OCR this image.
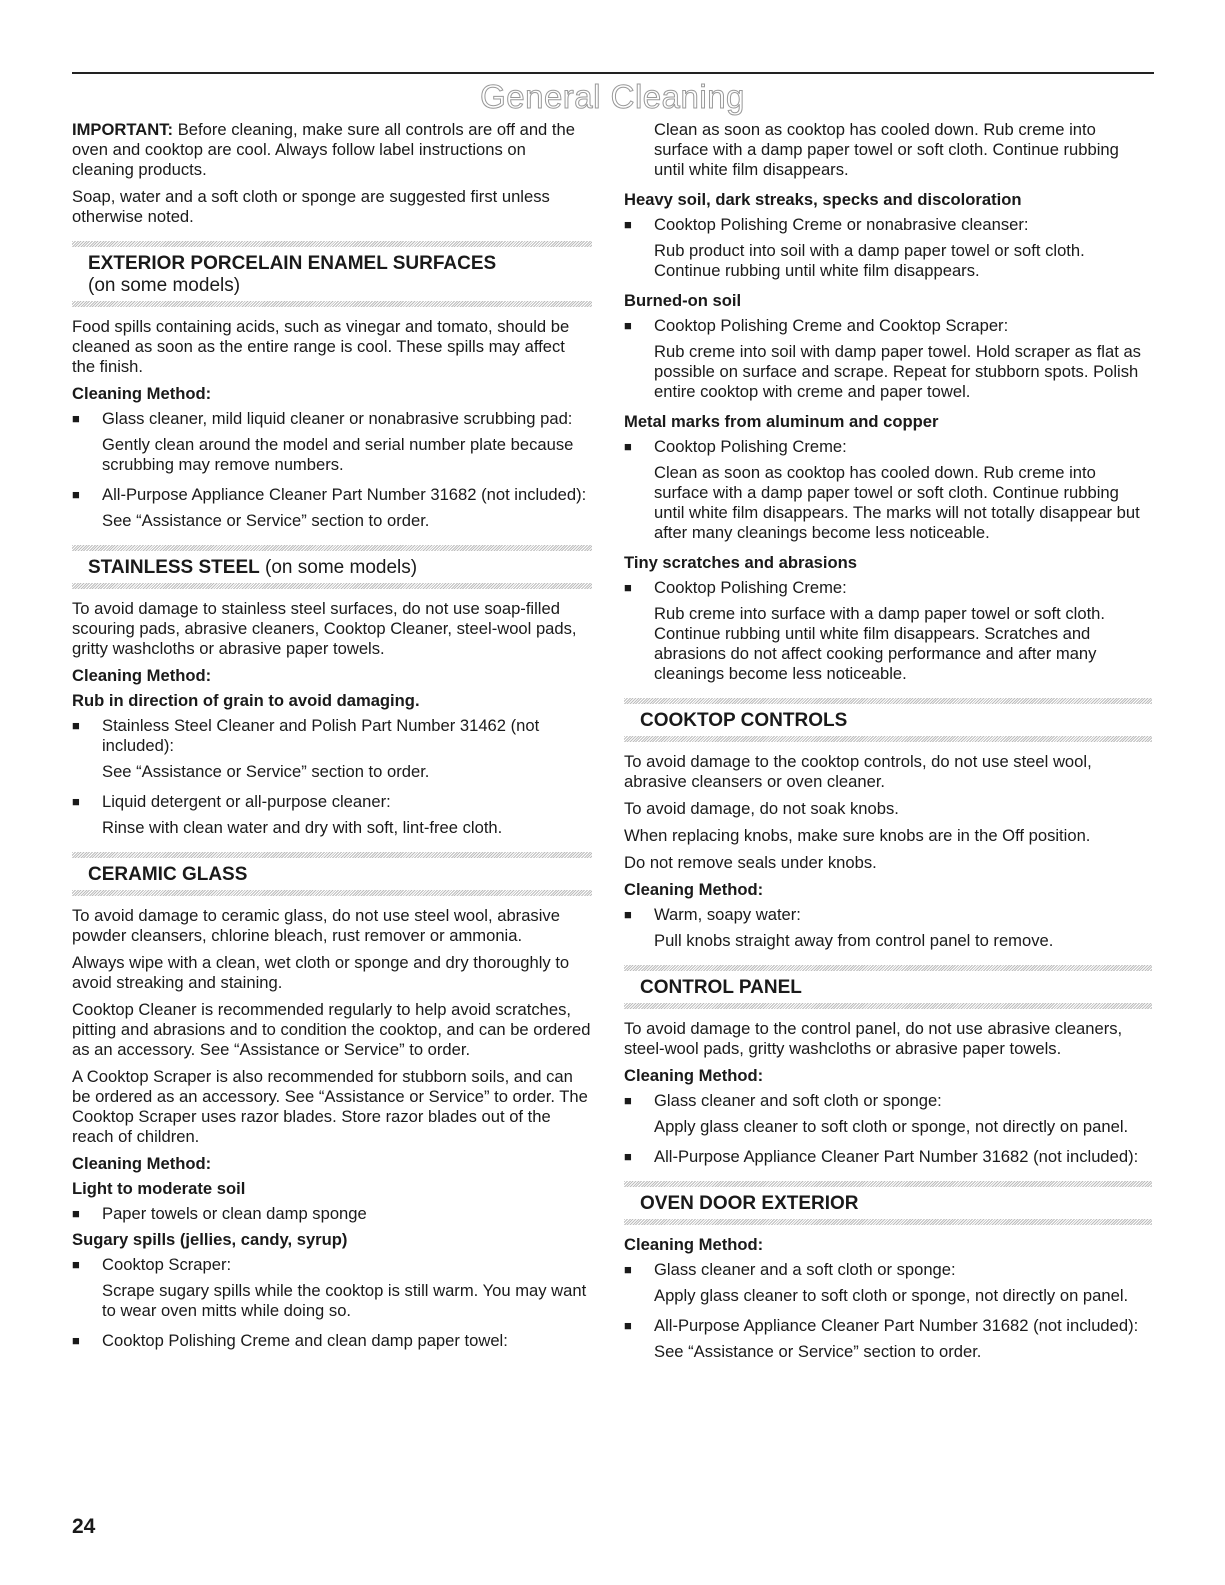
General Cleaning

IMPORTANT: Before cleaning, make sure all controls are off and the oven and cooktop are cool. Always follow label instructions on cleaning products.

Soap, water and a soft cloth or sponge are suggested first unless otherwise noted.

EXTERIOR PORCELAIN ENAMEL SURFACES
(on some models)

Food spills containing acids, such as vinegar and tomato, should be cleaned as soon as the entire range is cool. These spills may affect the finish.

Cleaning Method:
■ Glass cleaner, mild liquid cleaner or nonabrasive scrubbing pad:
Gently clean around the model and serial number plate because scrubbing may remove numbers.
■ All-Purpose Appliance Cleaner Part Number 31682 (not included):
See “Assistance or Service” section to order.
STAINLESS STEEL (on some models)

To avoid damage to stainless steel surfaces, do not use soap-filled scouring pads, abrasive cleaners, Cooktop Cleaner, steel-wool pads, gritty washcloths or abrasive paper towels.

Cleaning Method:
Rub in direction of grain to avoid damaging.
■ Stainless Steel Cleaner and Polish Part Number 31462 (not included):
See “Assistance or Service” section to order.
■ Liquid detergent or all-purpose cleaner:
Rinse with clean water and dry with soft, lint-free cloth.
CERAMIC GLASS

To avoid damage to ceramic glass, do not use steel wool, abrasive powder cleansers, chlorine bleach, rust remover or ammonia.

Always wipe with a clean, wet cloth or sponge and dry thoroughly to avoid streaking and staining.

Cooktop Cleaner is recommended regularly to help avoid scratches, pitting and abrasions and to condition the cooktop, and can be ordered as an accessory. See “Assistance or Service” to order.

A Cooktop Scraper is also recommended for stubborn soils, and can be ordered as an accessory. See “Assistance or Service” to order. The Cooktop Scraper uses razor blades. Store razor blades out of the reach of children.

Cleaning Method:
Light to moderate soil
■ Paper towels or clean damp sponge
Sugary spills (jellies, candy, syrup)
■ Cooktop Scraper:
Scrape sugary spills while the cooktop is still warm. You may want to wear oven mitts while doing so.
■ Cooktop Polishing Creme and clean damp paper towel:
Clean as soon as cooktop has cooled down. Rub creme into surface with a damp paper towel or soft cloth. Continue rubbing until white film disappears.
Heavy soil, dark streaks, specks and discoloration
■ Cooktop Polishing Creme or nonabrasive cleanser:
Rub product into soil with a damp paper towel or soft cloth. Continue rubbing until white film disappears.
Burned-on soil
■ Cooktop Polishing Creme and Cooktop Scraper:
Rub creme into soil with damp paper towel. Hold scraper as flat as possible on surface and scrape. Repeat for stubborn spots. Polish entire cooktop with creme and paper towel.
Metal marks from aluminum and copper
■ Cooktop Polishing Creme:
Clean as soon as cooktop has cooled down. Rub creme into surface with a damp paper towel or soft cloth. Continue rubbing until white film disappears. The marks will not totally disappear but after many cleanings become less noticeable.
Tiny scratches and abrasions
■ Cooktop Polishing Creme:
Rub creme into surface with a damp paper towel or soft cloth. Continue rubbing until white film disappears. Scratches and abrasions do not affect cooking performance and after many cleanings become less noticeable.
COOKTOP CONTROLS

To avoid damage to the cooktop controls, do not use steel wool, abrasive cleansers or oven cleaner.

To avoid damage, do not soak knobs.

When replacing knobs, make sure knobs are in the Off position.

Do not remove seals under knobs.

Cleaning Method:
■ Warm, soapy water:
Pull knobs straight away from control panel to remove.
CONTROL PANEL

To avoid damage to the control panel, do not use abrasive cleaners, steel-wool pads, gritty washcloths or abrasive paper towels.

Cleaning Method:
■ Glass cleaner and soft cloth or sponge:
Apply glass cleaner to soft cloth or sponge, not directly on panel.
■ All-Purpose Appliance Cleaner Part Number 31682 (not included):
OVEN DOOR EXTERIOR
Cleaning Method:
■ Glass cleaner and a soft cloth or sponge:
Apply glass cleaner to soft cloth or sponge, not directly on panel.
■ All-Purpose Appliance Cleaner Part Number 31682 (not included):
See “Assistance or Service” section to order.
24
